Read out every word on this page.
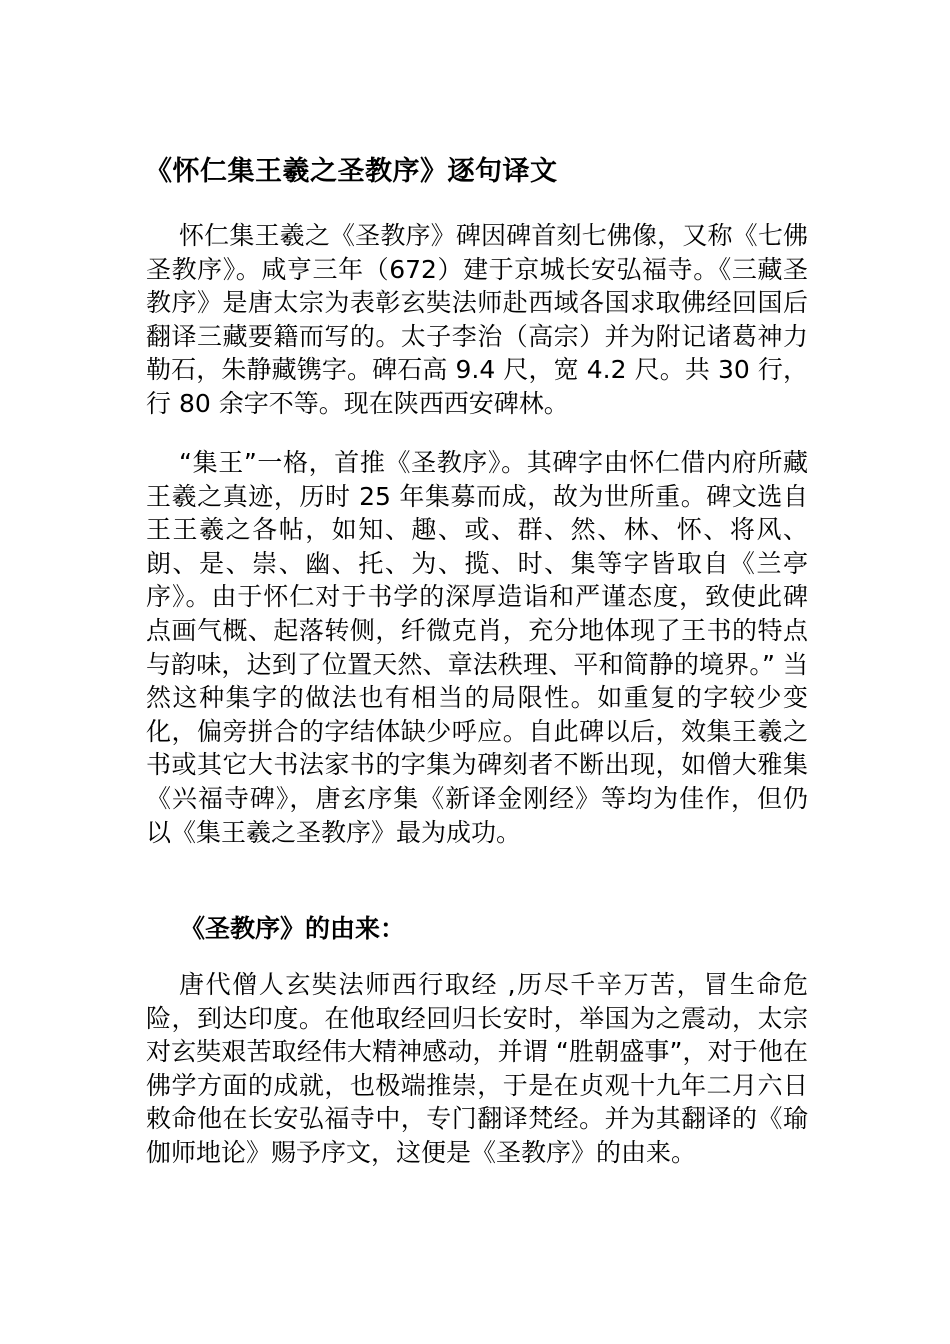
《怀仁集王羲之圣教序》逐句译文
怀仁集王羲之《圣教序》碑因碑首刻七佛像，又称《七佛圣教序》。咸亨三年（672）建于京城长安弘福寺。《三藏圣教序》是唐太宗为表彰玄奘法师赴西域各国求取佛经回国后翻译三藏要籍而写的。太子李治（高宗）并为附记诸葛神力勒石，朱静藏镌字。碑石高 9.4 尺，宽 4.2 尺。共 30 行，行 80 余字不等。现在陕西西安碑林。
“集王”一格，首推《圣教序》。其碑字由怀仁借内府所藏王羲之真迹，历时 25 年集募而成，故为世所重。碑文选自王王羲之各帖，如知、趣、或、群、然、林、怀、将风、朗、是、崇、幽、托、为、揽、时、集等字皆取自《兰亭序》。由于怀仁对于书学的深厚造诣和严谨态度，致使此碑点画气概、起落转侧，纤微克肖，充分地体现了王书的特点与韵味，达到了位置天然、章法秩理、平和简静的境界。” 当然这种集字的做法也有相当的局限性。如重复的字较少变化，偏旁拼合的字结体缺少呼应。自此碑以后，效集王羲之书或其它大书法家书的字集为碑刻者不断出现，如僧大雅集《兴福寺碑》，唐玄序集《新译金刚经》等均为佳作，但仍以《集王羲之圣教序》最为成功。
《圣教序》的由来：
唐代僧人玄奘法师西行取经 ,历尽千辛万苦，冒生命危险，到达印度。在他取经回归长安时，举国为之震动，太宗对玄奘艰苦取经伟大精神感动，并谓 “胜朝盛事”，对于他在佛学方面的成就，也极端推崇，于是在贞观十九年二月六日敕命他在长安弘福寺中，专门翻译梵经。并为其翻译的《瑜伽师地论》赐予序文，这便是《圣教序》的由来。
